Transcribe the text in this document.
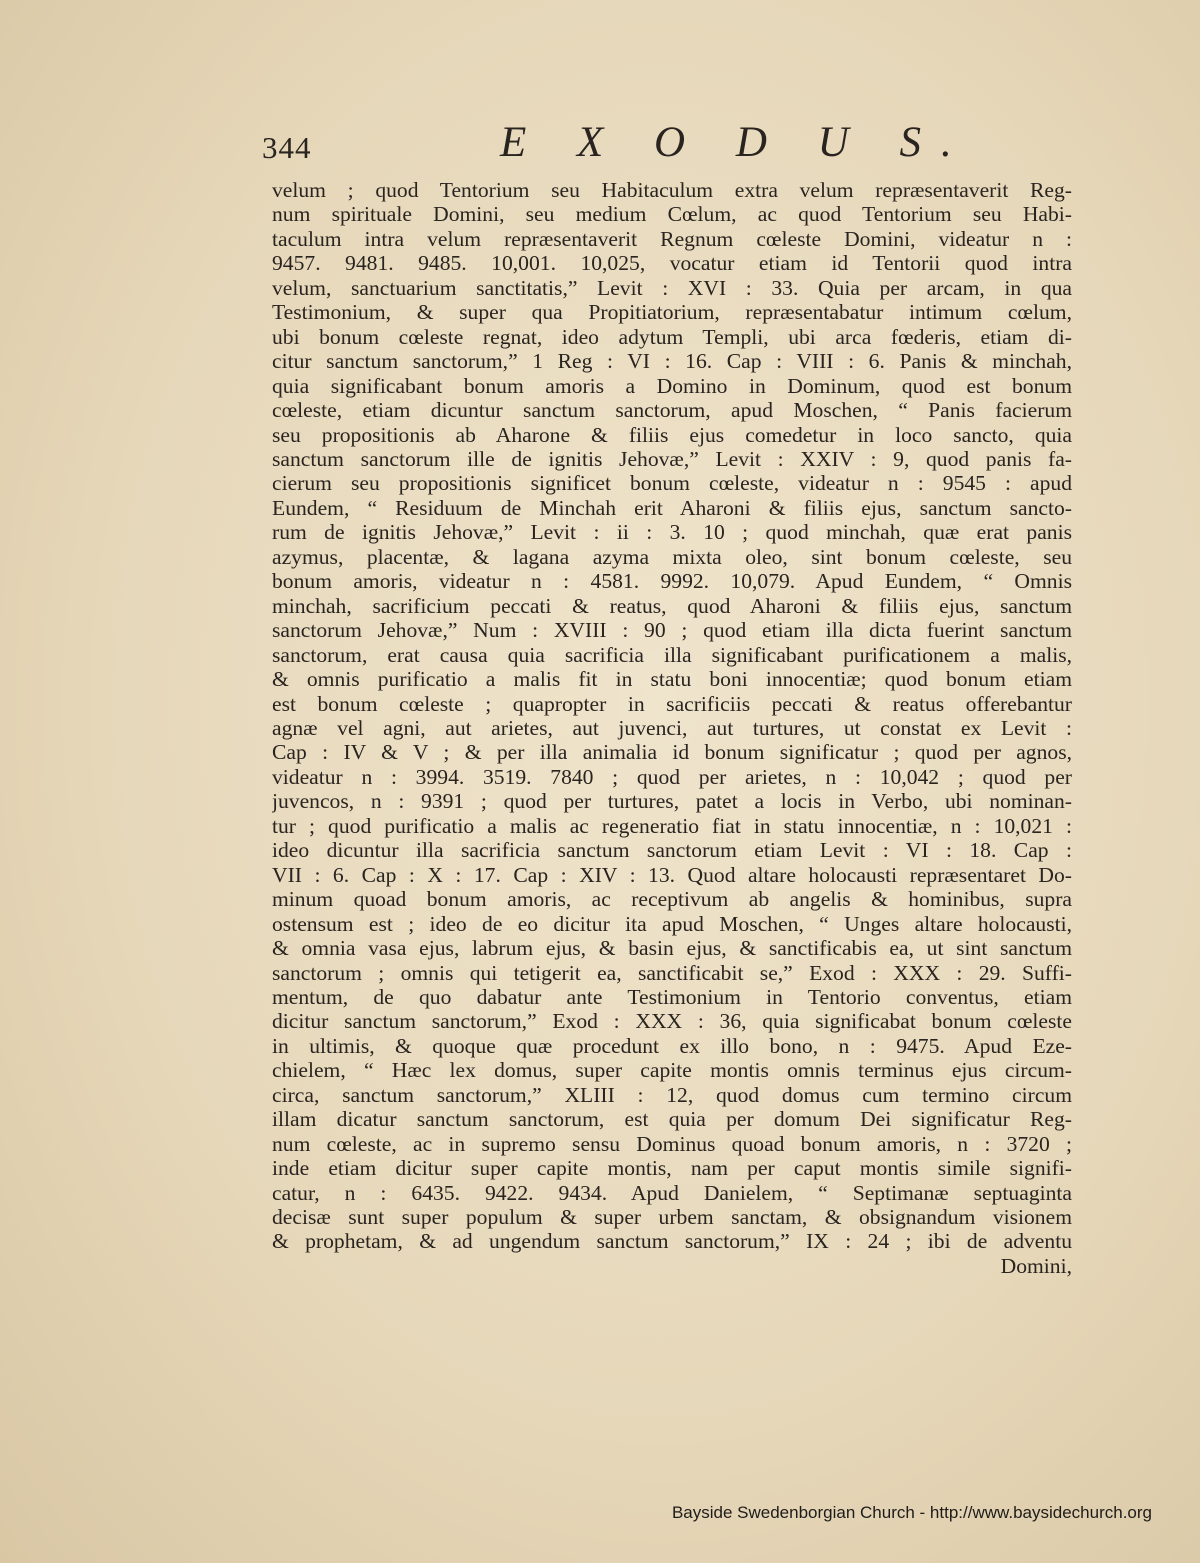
344	E X O D U S.
velum ; quod Tentorium seu Habitaculum extra velum repræsentaverit Reg-
num spirituale Domini, seu medium Cœlum, ac quod Tentorium seu Habi-
taculum intra velum repræsentaverit Regnum cœleste Domini, videatur n :
9457. 9481. 9485. 10,001. 10,025, vocatur etiam id Tentorii quod intra
velum, sanctuarium sanctitatis,” Levit : XVI : 33. Quia per arcam, in qua
Testimonium, & super qua Propitiatorium, repræsentabatur intimum cœlum,
ubi bonum cœleste regnat, ideo adytum Templi, ubi arca fœderis, etiam di-
citur sanctum sanctorum,” 1 Reg : VI : 16. Cap : VIII : 6. Panis & minchah,
quia significabant bonum amoris a Domino in Dominum, quod est bonum
cœleste, etiam dicuntur sanctum sanctorum, apud Moschen, “ Panis facierum
seu propositionis ab Aharone & filiis ejus comedetur in loco sancto, quia
sanctum sanctorum ille de ignitis Jehovæ,” Levit : XXIV : 9, quod panis fa-
cierum seu propositionis significet bonum cœleste, videatur n : 9545 : apud
Eundem, “ Residuum de Minchah erit Aharoni & filiis ejus, sanctum sancto-
rum de ignitis Jehovæ,” Levit : ii : 3. 10 ; quod minchah, quæ erat panis
azymus, placentæ, & lagana azyma mixta oleo, sint bonum cœleste, seu
bonum amoris, videatur n : 4581. 9992. 10,079. Apud Eundem, “ Omnis
minchah, sacrificium peccati & reatus, quod Aharoni & filiis ejus, sanctum
sanctorum Jehovæ,” Num : XVIII : 90 ; quod etiam illa dicta fuerint sanctum
sanctorum, erat causa quia sacrificia illa significabant purificationem a malis,
& omnis purificatio a malis fit in statu boni innocentiæ; quod bonum etiam
est bonum cœleste ; quapropter in sacrificiis peccati & reatus offerebantur
agnæ vel agni, aut arietes, aut juvenci, aut turtures, ut constat ex Levit :
Cap : IV & V ; & per illa animalia id bonum significatur ; quod per agnos,
videatur n : 3994. 3519. 7840 ; quod per arietes, n : 10,042 ; quod per
juvencos, n : 9391 ; quod per turtures, patet a locis in Verbo, ubi nominan-
tur ; quod purificatio a malis ac regeneratio fiat in statu innocentiæ, n : 10,021 :
ideo dicuntur illa sacrificia sanctum sanctorum etiam Levit : VI : 18. Cap :
VII : 6. Cap : X : 17. Cap : XIV : 13. Quod altare holocausti repræsentaret Do-
minum quoad bonum amoris, ac receptivum ab angelis & hominibus, supra
ostensum est ; ideo de eo dicitur ita apud Moschen, “ Unges altare holocausti,
& omnia vasa ejus, labrum ejus, & basin ejus, & sanctificabis ea, ut sint sanctum
sanctorum ; omnis qui tetigerit ea, sanctificabit se,” Exod : XXX : 29. Suffi-
mentum, de quo dabatur ante Testimonium in Tentorio conventus, etiam
dicitur sanctum sanctorum,” Exod : XXX : 36, quia significabat bonum cœleste
in ultimis, & quoque quæ procedunt ex illo bono, n : 9475. Apud Eze-
chielem, “ Hæc lex domus, super capite montis omnis terminus ejus circum-
circa, sanctum sanctorum,” XLIII : 12, quod domus cum termino circum
illam dicatur sanctum sanctorum, est quia per domum Dei significatur Reg-
num cœleste, ac in supremo sensu Dominus quoad bonum amoris, n : 3720 ;
inde etiam dicitur super capite montis, nam per caput montis simile signifi-
catur, n : 6435. 9422. 9434. Apud Danielem, “ Septimanæ septuaginta
decisæ sunt super populum & super urbem sanctam, & obsignandum visionem
& prophetam, & ad ungendum sanctum sanctorum,” IX : 24 ; ibi de adventu
Domini,
Bayside Swedenborgian Church - http://www.baysidechurch.org
